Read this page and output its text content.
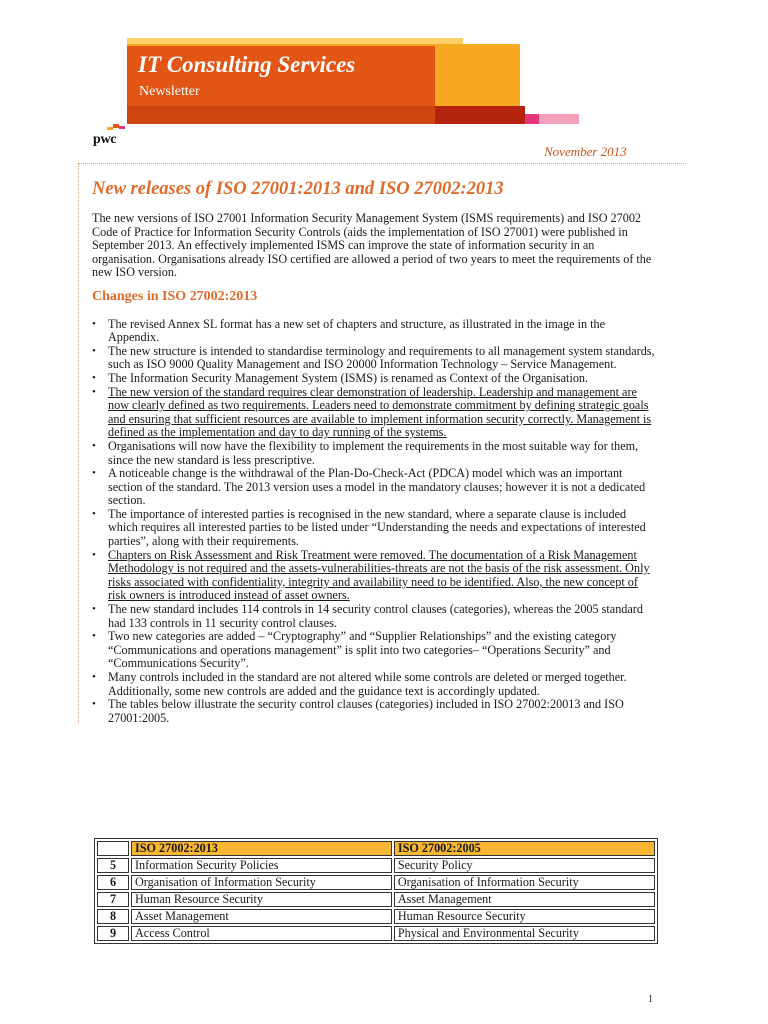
IT Consulting Services
Newsletter
pwc
November 2013
New releases of ISO 27001:2013 and ISO 27002:2013

The new versions of ISO 27001 Information Security Management System (ISMS requirements) and ISO 27002 Code of Practice for Information Security Controls (aids the implementation of ISO 27001) were published in September 2013. An effectively implemented ISMS can improve the state of information security in an organisation. Organisations already ISO certified are allowed a period of two years to meet the requirements of the new ISO version.

Changes in ISO 27002:2013
• The revised Annex SL format has a new set of chapters and structure, as illustrated in the image in the Appendix.
• The new structure is intended to standardise terminology and requirements to all management system standards, such as ISO 9000 Quality Management and ISO 20000 Information Technology – Service Management.
• The Information Security Management System (ISMS) is renamed as Context of the Organisation.
• The new version of the standard requires clear demonstration of leadership. Leadership and management are now clearly defined as two requirements. Leaders need to demonstrate commitment by defining strategic goals and ensuring that sufficient resources are available to implement information security correctly. Management is defined as the implementation and day to day running of the systems.
• Organisations will now have the flexibility to implement the requirements in the most suitable way for them, since the new standard is less prescriptive.
• A noticeable change is the withdrawal of the Plan-Do-Check-Act (PDCA) model which was an important section of the standard. The 2013 version uses a model in the mandatory clauses; however it is not a dedicated section.
• The importance of interested parties is recognised in the new standard, where a separate clause is included which requires all interested parties to be listed under “Understanding the needs and expectations of interested parties”, along with their requirements.
• Chapters on Risk Assessment and Risk Treatment were removed. The documentation of a Risk Management Methodology is not required and the assets-vulnerabilities-threats are not the basis of the risk assessment. Only risks associated with confidentiality, integrity and availability need to be identified. Also, the new concept of risk owners is introduced instead of asset owners.
• The new standard includes 114 controls in 14 security control clauses (categories), whereas the 2005 standard had 133 controls in 11 security control clauses.
• Two new categories are added – “Cryptography” and “Supplier Relationships” and the existing category “Communications and operations management” is split into two categories– “Operations Security” and “Communications Security”.
• Many controls included in the standard are not altered while some controls are deleted or merged together. Additionally, some new controls are added and the guidance text is accordingly updated.
• The tables below illustrate the security control clauses (categories) included in ISO 27002:20013 and ISO 27001:2005.
	ISO 27002:2013	ISO 27002:2005
5	Information Security Policies	Security Policy
6	Organisation of Information Security	Organisation of Information Security
7	Human Resource Security	Asset Management
8	Asset Management	Human Resource Security
9	Access Control	Physical and Environmental Security
1
